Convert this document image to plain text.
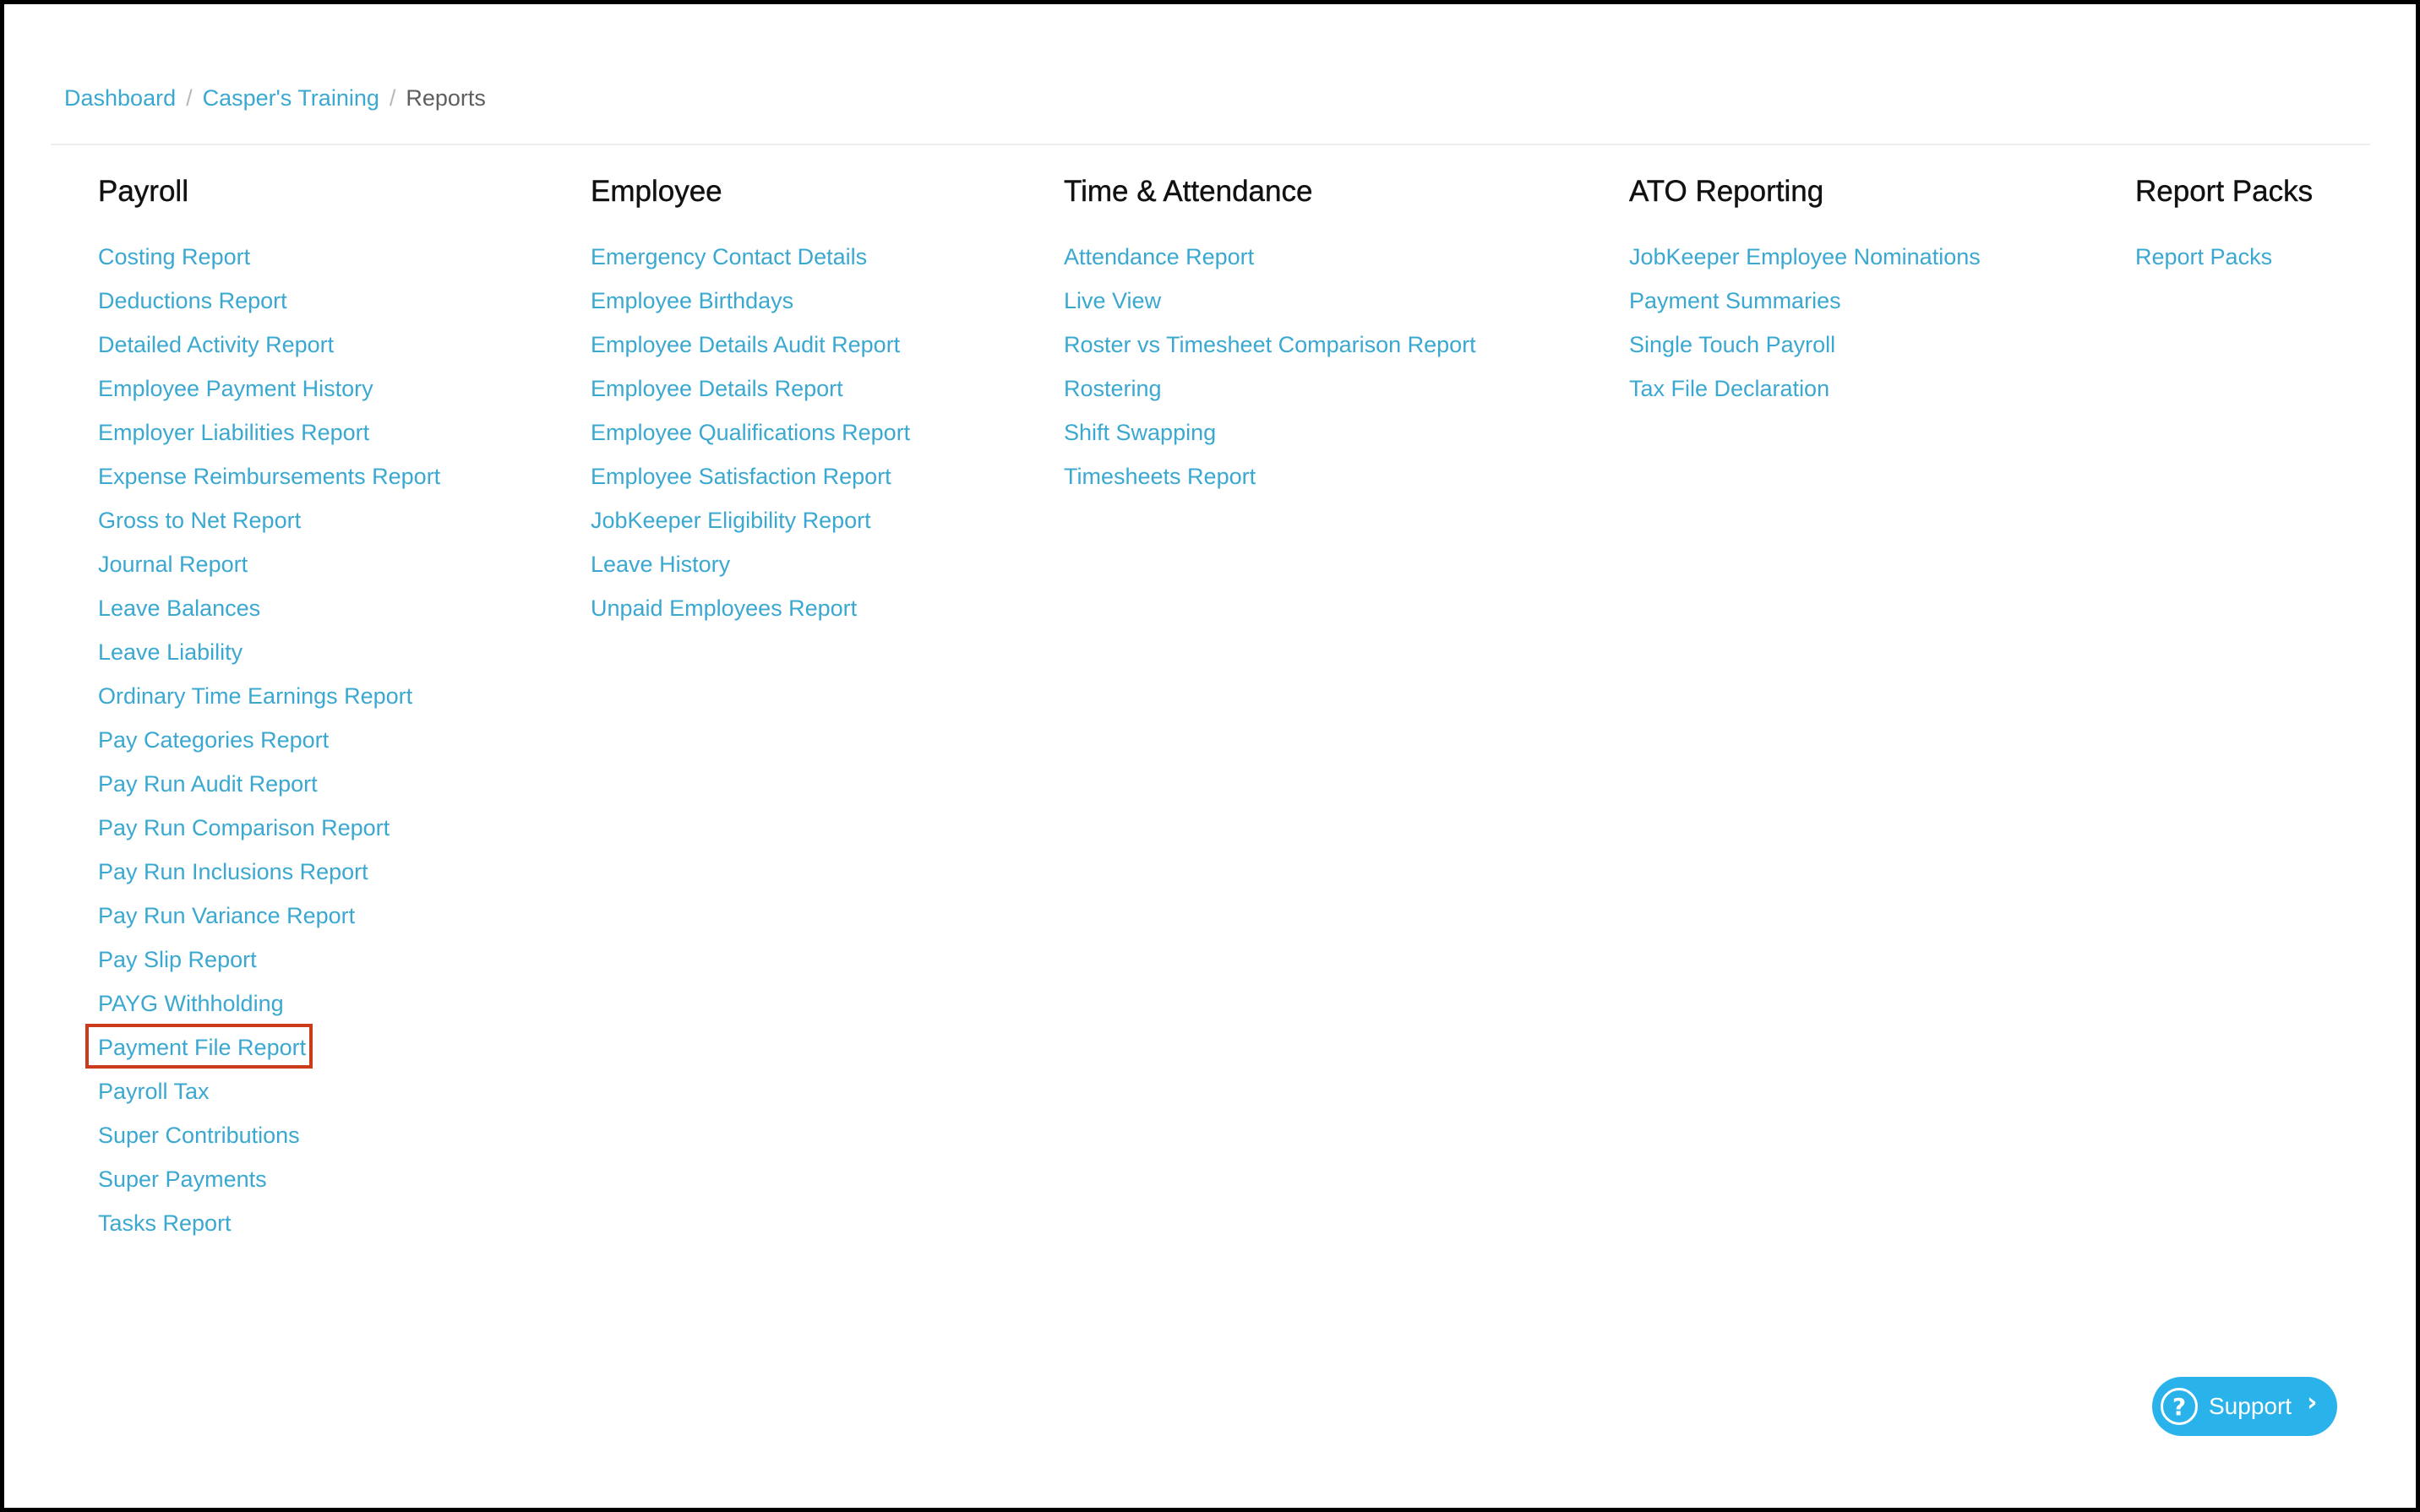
Dashboard / Casper's Training / Reports
Payroll
Costing Report
Deductions Report
Detailed Activity Report
Employee Payment History
Employer Liabilities Report
Expense Reimbursements Report
Gross to Net Report
Journal Report
Leave Balances
Leave Liability
Ordinary Time Earnings Report
Pay Categories Report
Pay Run Audit Report
Pay Run Comparison Report
Pay Run Inclusions Report
Pay Run Variance Report
Pay Slip Report
PAYG Withholding
Payment File Report
Payroll Tax
Super Contributions
Super Payments
Tasks Report
Employee
Emergency Contact Details
Employee Birthdays
Employee Details Audit Report
Employee Details Report
Employee Qualifications Report
Employee Satisfaction Report
JobKeeper Eligibility Report
Leave History
Unpaid Employees Report
Time & Attendance
Attendance Report
Live View
Roster vs Timesheet Comparison Report
Rostering
Shift Swapping
Timesheets Report
ATO Reporting
JobKeeper Employee Nominations
Payment Summaries
Single Touch Payroll
Tax File Declaration
Report Packs
Report Packs
? Support ›
